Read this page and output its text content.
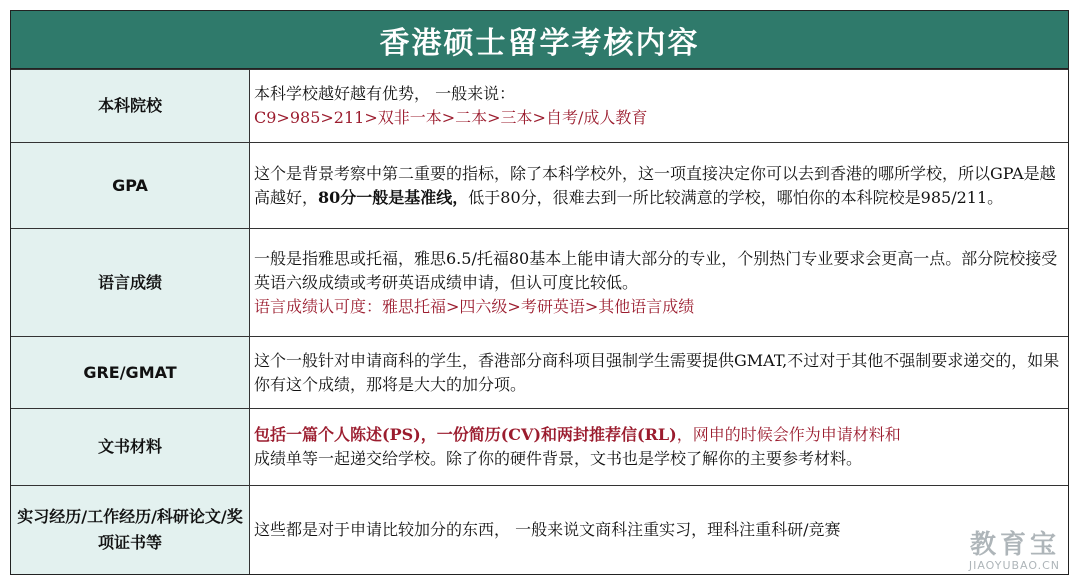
香港硕士留学考核内容
本科院校

本科学校越好越有优势， 一般来说：

C9>985>211>双非一本>二本>三本>自考/成人教育

GPA

这个是背景考察中第二重要的指标，除了本科学校外，这一项直接决定你可以去到香港的哪所学校，所以GPA是越高越好，80分一般是基准线，低于80分，很难去到一所比较满意的学校，哪怕你的本科院校是985/211。

语言成绩

一般是指雅思或托福，雅思6.5/托福80基本上能申请大部分的专业，个别热门专业要求会更高一点。部分院校接受英语六级成绩或考研英语成绩申请，但认可度比较低。

语言成绩认可度：雅思托福>四六级>考研英语>其他语言成绩

GRE/GMAT

这个一般针对申请商科的学生，香港部分商科项目强制学生需要提供GMAT,不过对于其他不强制要求递交的，如果你有这个成绩，那将是大大的加分项。

文书材料

包括一篇个人陈述(PS)，一份简历(CV)和两封推荐信(RL)，网申的时候会作为申请材料和

成绩单等一起递交给学校。除了你的硬件背景，文书也是学校了解你的主要参考材料。

实习经历/工作经历/科研论文/奖项证书等

这些都是对于申请比较加分的东西， 一般来说文商科注重实习，理科注重科研/竞赛

教育宝
JIAOYUBAO.CN
